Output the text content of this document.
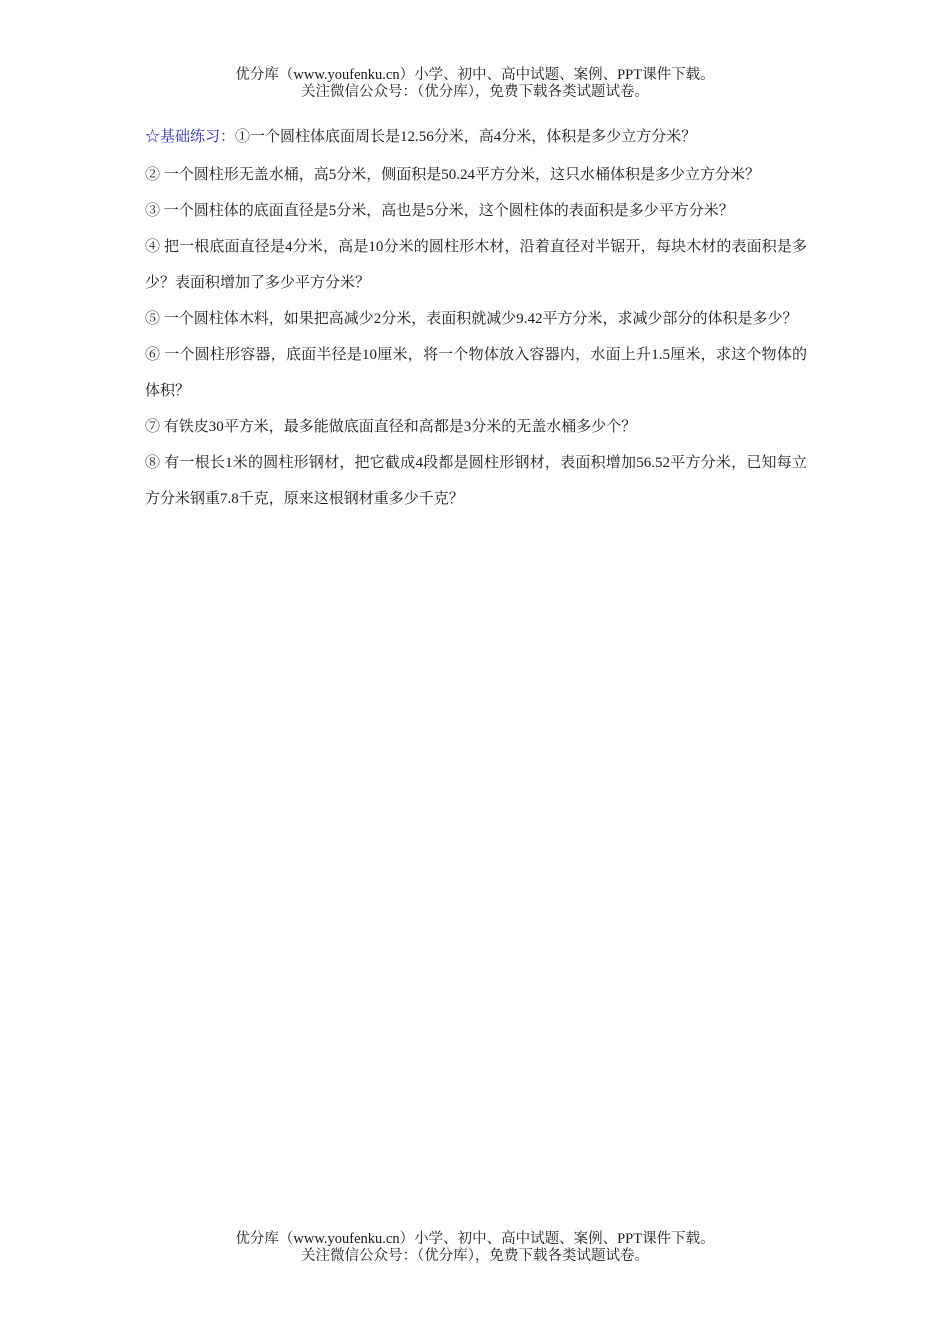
优分库（www.youfenku.cn）小学、初中、高中试题、案例、PPT课件下载。
关注微信公众号：（优分库），免费下载各类试题试卷。

☆基础练习：①一个圆柱体底面周长是12.56分米，高4分米，体积是多少立方分米？

② 一个圆柱形无盖水桶，高5分米，侧面积是50.24平方分米，这只水桶体积是多少立方分米？

③ 一个圆柱体的底面直径是5分米，高也是5分米，这个圆柱体的表面积是多少平方分米？

④ 把一根底面直径是4分米，高是10分米的圆柱形木材，沿着直径对半锯开，每块木材的表面积是多少？表面积增加了多少平方分米？

⑤ 一个圆柱体木料，如果把高减少2分米，表面积就减少9.42平方分米，求减少部分的体积是多少？

⑥ 一个圆柱形容器，底面半径是10厘米，将一个物体放入容器内，水面上升1.5厘米，求这个物体的体积？

⑦ 有铁皮30平方米，最多能做底面直径和高都是3分米的无盖水桶多少个？

⑧ 有一根长1米的圆柱形钢材，把它截成4段都是圆柱形钢材，表面积增加56.52平方分米，已知每立方分米钢重7.8千克，原来这根钢材重多少千克？

优分库（www.youfenku.cn）小学、初中、高中试题、案例、PPT课件下载。
关注微信公众号：（优分库），免费下载各类试题试卷。
